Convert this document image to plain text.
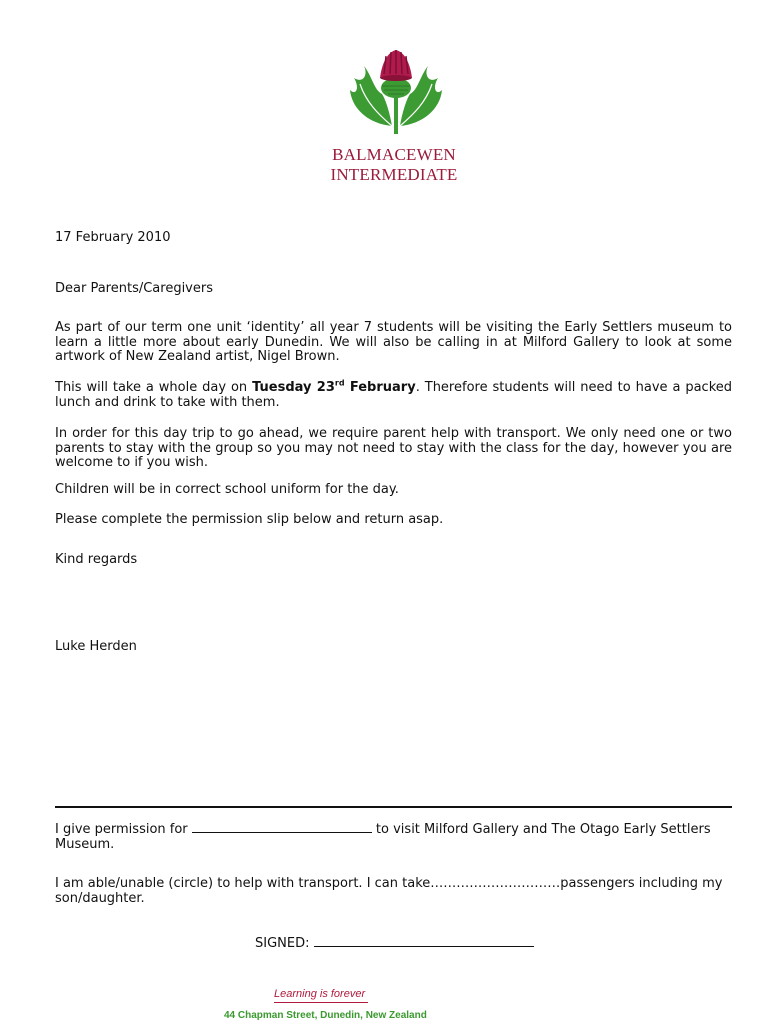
BALMACEWEN
INTERMEDIATE
17 February 2010
Dear Parents/Caregivers
As part of our term one unit ‘identity’ all year 7 students will be visiting the Early Settlers museum to learn a little more about early Dunedin. We will also be calling in at Milford Gallery to look at some artwork of New Zealand artist, Nigel Brown.
This will take a whole day on Tuesday 23rd February. Therefore students will need to have a packed lunch and drink to take with them.
In order for this day trip to go ahead, we require parent help with transport. We only need one or two parents to stay with the group so you may not need to stay with the class for the day, however you are welcome to if you wish.
Children will be in correct school uniform for the day.
Please complete the permission slip below and return asap.
Kind regards
Luke Herden
I give permission for	to visit Milford Gallery and The Otago Early Settlers Museum.
I am able/unable (circle) to help with transport. I can take…………………………passengers including my son/daughter.
SIGNED:
Learning is forever
44 Chapman Street, Dunedin, New Zealand
